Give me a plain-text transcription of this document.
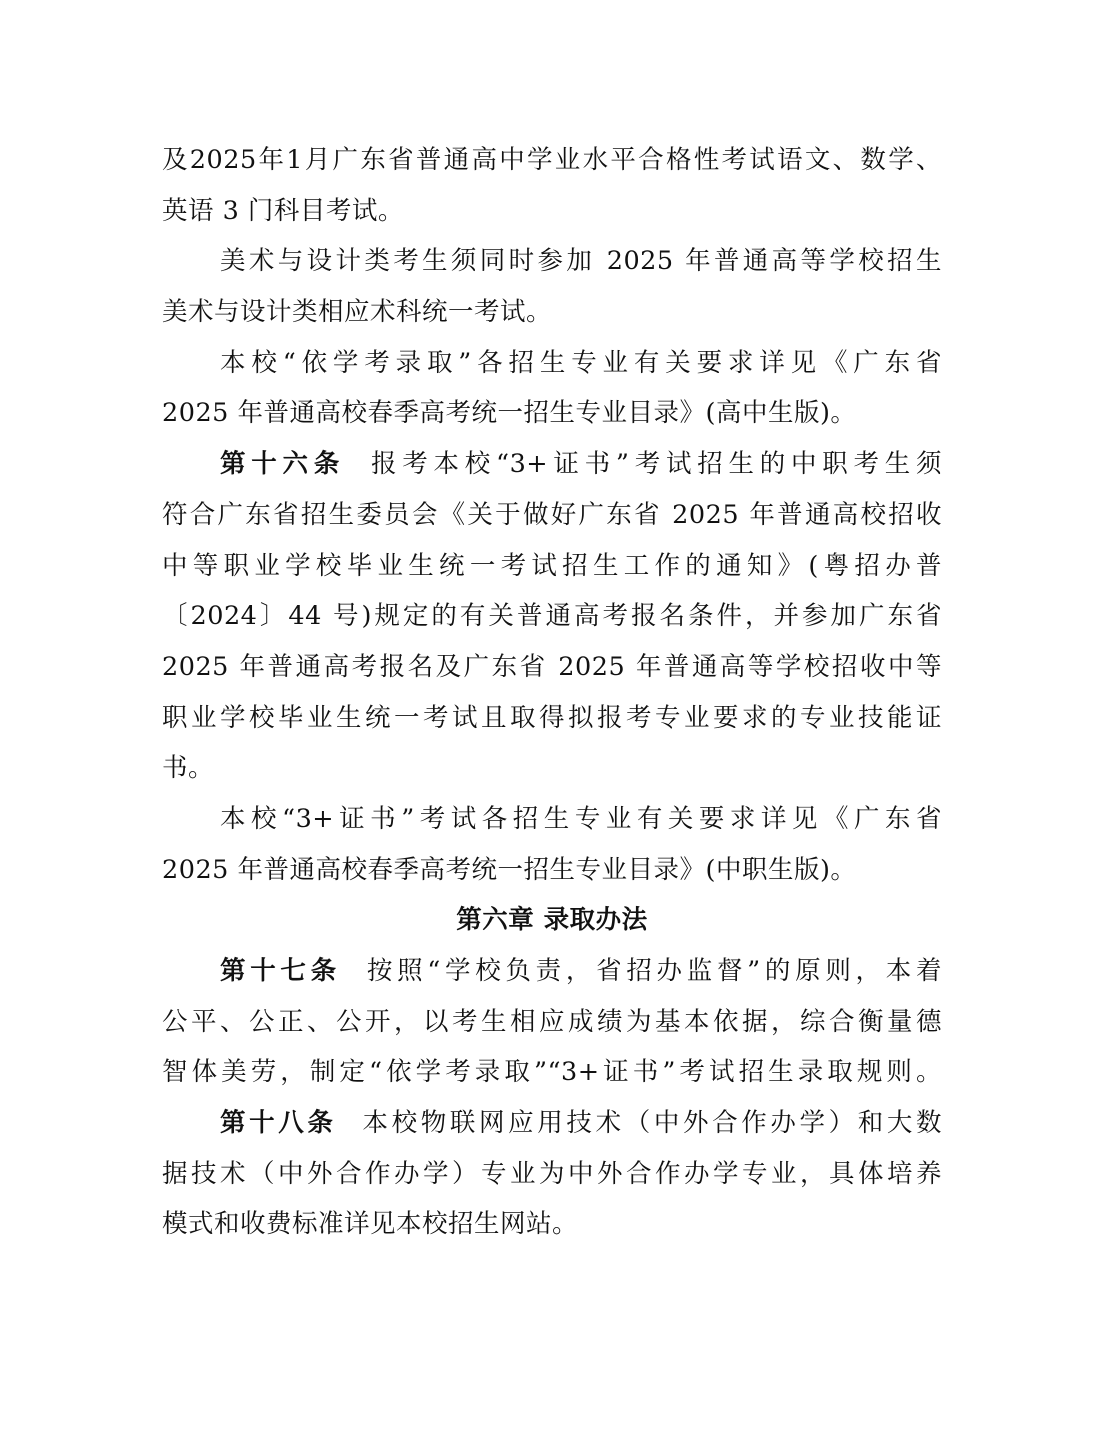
及2025年1月广东省普通高中学业水平合格性考试语文、数学、
英语 3 门科目考试。
美术与设计类考生须同时参加 2025 年普通高等学校招生
美术与设计类相应术科统一考试。
本校“依学考录取”各招生专业有关要求详见《广东省
2025 年普通高校春季高考统一招生专业目录》(高中生版)。
第十六条 报考本校“3+证书”考试招生的中职考生须
符合广东省招生委员会《关于做好广东省 2025 年普通高校招收
中等职业学校毕业生统一考试招生工作的通知》(粤招办普
〔2024〕44 号)规定的有关普通高考报名条件，并参加广东省
2025 年普通高考报名及广东省 2025 年普通高等学校招收中等
职业学校毕业生统一考试且取得拟报考专业要求的专业技能证
书。
本校“3+证书”考试各招生专业有关要求详见《广东省
2025 年普通高校春季高考统一招生专业目录》(中职生版)。
第六章 录取办法
第十七条 按照“学校负责，省招办监督”的原则，本着
公平、公正、公开，以考生相应成绩为基本依据，综合衡量德
智体美劳，制定“依学考录取”“3+证书”考试招生录取规则。
第十八条 本校物联网应用技术（中外合作办学）和大数
据技术（中外合作办学）专业为中外合作办学专业，具体培养
模式和收费标准详见本校招生网站。
